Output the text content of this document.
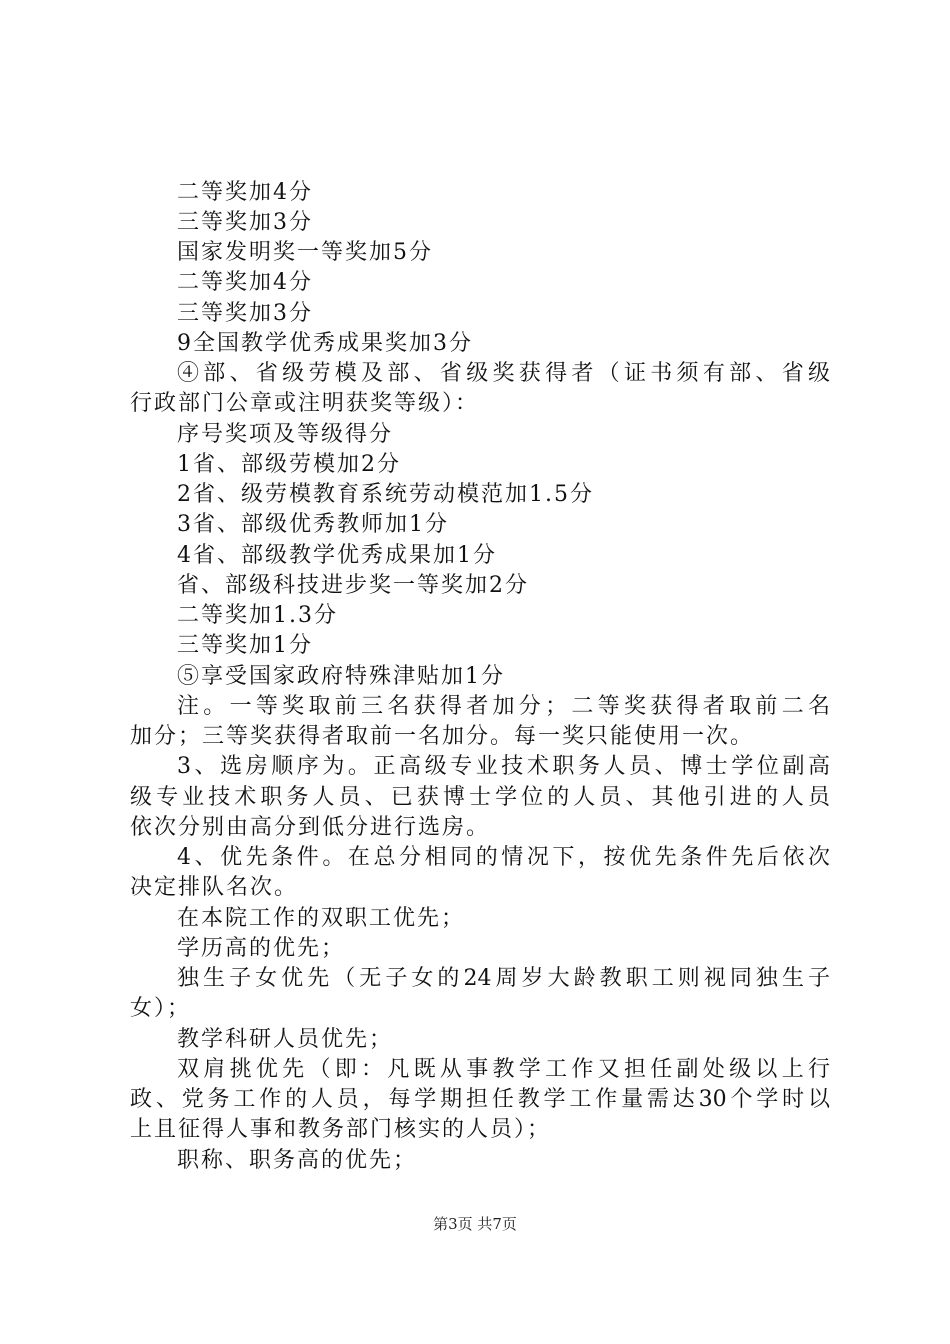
二等奖加4分
三等奖加3分
国家发明奖一等奖加5分
二等奖加4分
三等奖加3分
9全国教学优秀成果奖加3分
④部、省级劳模及部、省级奖获得者（证书须有部、省级
行政部门公章或注明获奖等级）：
序号奖项及等级得分
1省、部级劳模加2分
2省、级劳模教育系统劳动模范加1.5分
3省、部级优秀教师加1分
4省、部级教学优秀成果加1分
省、部级科技进步奖一等奖加2分
二等奖加1.3分
三等奖加1分
⑤享受国家政府特殊津贴加1分
注。一等奖取前三名获得者加分；二等奖获得者取前二名
加分；三等奖获得者取前一名加分。每一奖只能使用一次。
3、选房顺序为。正高级专业技术职务人员、博士学位副高
级专业技术职务人员、已获博士学位的人员、其他引进的人员
依次分别由高分到低分进行选房。
4、优先条件。在总分相同的情况下，按优先条件先后依次
决定排队名次。
在本院工作的双职工优先；
学历高的优先；
独生子女优先（无子女的24周岁大龄教职工则视同独生子
女）；
教学科研人员优先；
双肩挑优先（即：凡既从事教学工作又担任副处级以上行
政、党务工作的人员，每学期担任教学工作量需达30个学时以
上且征得人事和教务部门核实的人员）；
职称、职务高的优先；
第3页 共7页
